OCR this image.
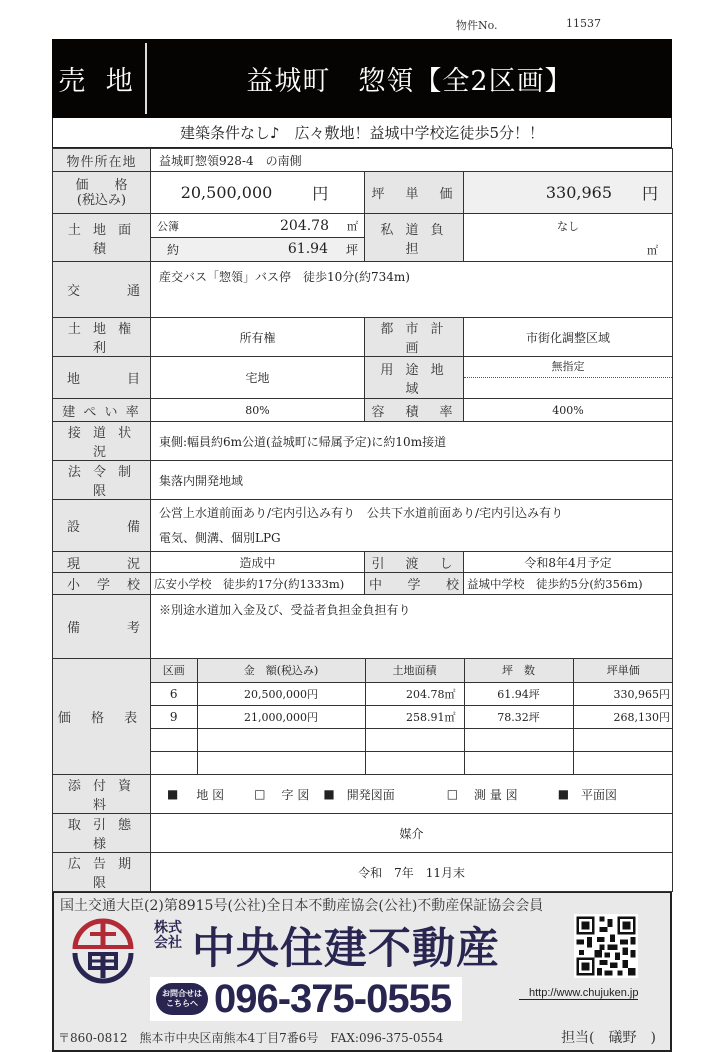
物件No.	11537
売 地	益城町　惣領【全2区画】
建築条件なし♪　広々敷地！益城中学校迄徒歩5分！！
物件所在地	益城町惣領928-4　の南側

価　　格
(税込み)	20,500,000	円	坪　単　価	330,965 円

土 地 面 積	
公簿	204.78 ㎡	私 道 負 担	
なし
㎡

約	61.94 坪

交　　通	産交バス「惣領」バス停　徒歩10分(約734m)
土 地 権 利	所有権	都 市 計 画	市街化調整区域
地　　目	宅地	用 途 地 域	
無指定

建 ぺ い 率	80%	容　積　率	400%
接 道 状 況	東側:幅員約6m公道(益城町に帰属予定)に約10m接道
法 令 制 限	集落内開発地域
設　　備	
公営上水道前面あり/宅内引込み有り　公共下水道前面あり/宅内引込み有り
電気、側溝、個別LPG

現　　況	造成中	引　渡　し	令和8年4月予定
小　学　校	広安小学校　徒歩約17分(約1333m)	中　学　校	益城中学校　徒歩約5分(約356m)
備　　考	※別途水道加入金及び、受益者負担金負担有り
価 格 表	
区画	金　額(税込み)	土地面積	坪　数	坪単価
6	20,500,000円	204.78㎡	61.94坪	330,965円
9	21,000,000円	258.91㎡	78.32坪	268,130円

添 付 資 料	
■ 地 図	□ 字 図 ■ 開発図面	□ 測 量 図	■ 平面図

取 引 態 様	媒介
広 告 期 限	令和　7年　11月末
国土交通大臣(2)第8915号(公社)全日本不動産協会(公社)不動産保証協会会員
株式会社 中央住建不動産
お問合せは
こちらへ 096-375-0555	http://www.chujuken.jp
〒860-0812　熊本市中央区南熊本4丁目7番6号　FAX:096-375-0554	担当(　礒野　)
